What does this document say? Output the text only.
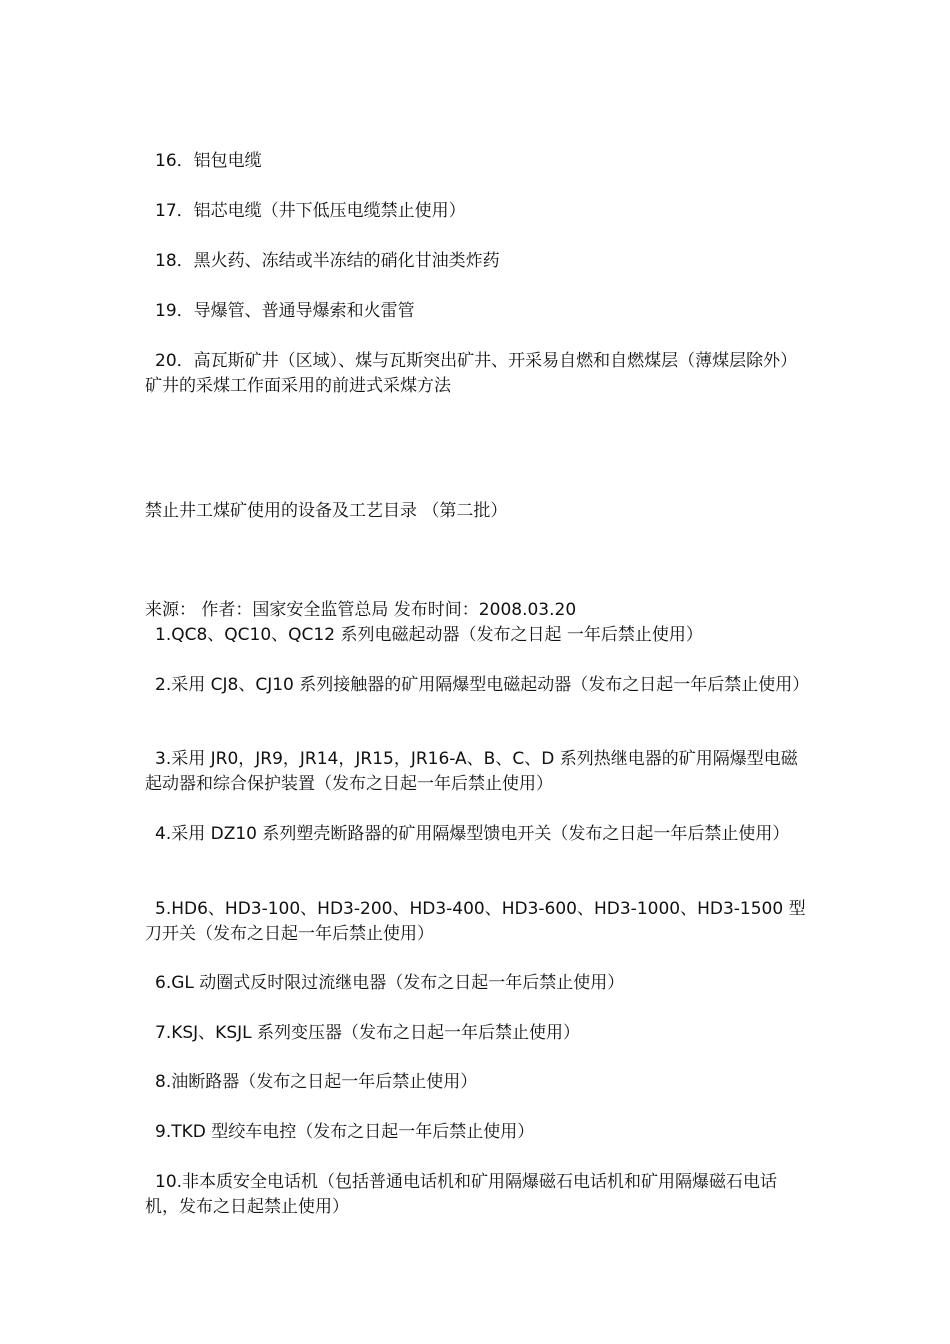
16．铝包电缆

17．铝芯电缆（井下低压电缆禁止使用）

18．黑火药、冻结或半冻结的硝化甘油类炸药

19．导爆管、普通导爆索和火雷管

20．高瓦斯矿井（区域）、煤与瓦斯突出矿井、开采易自燃和自燃煤层（薄煤层除外）矿井的采煤工作面采用的前进式采煤方法

禁止井工煤矿使用的设备及工艺目录 （第二批）

来源： 作者：国家安全监管总局 发布时间：2008.03.20

1.QC8、QC10、QC12 系列电磁起动器（发布之日起 一年后禁止使用）

2.采用 CJ8、CJ10 系列接触器的矿用隔爆型电磁起动器（发布之日起一年后禁止使用）

3.采用 JR0，JR9，JR14，JR15，JR16-A、B、C、D 系列热继电器的矿用隔爆型电磁起动器和综合保护装置（发布之日起一年后禁止使用）

4.采用 DZ10 系列塑壳断路器的矿用隔爆型馈电开关（发布之日起一年后禁止使用）

5.HD6、HD3-100、HD3-200、HD3-400、HD3-600、HD3-1000、HD3-1500 型刀开关（发布之日起一年后禁止使用）

6.GL 动圈式反时限过流继电器（发布之日起一年后禁止使用）

7.KSJ、KSJL 系列变压器（发布之日起一年后禁止使用）

8.油断路器（发布之日起一年后禁止使用）

9.TKD 型绞车电控（发布之日起一年后禁止使用）

10.非本质安全电话机（包括普通电话机和矿用隔爆磁石电话机和矿用隔爆磁石电话机，发布之日起禁止使用）
